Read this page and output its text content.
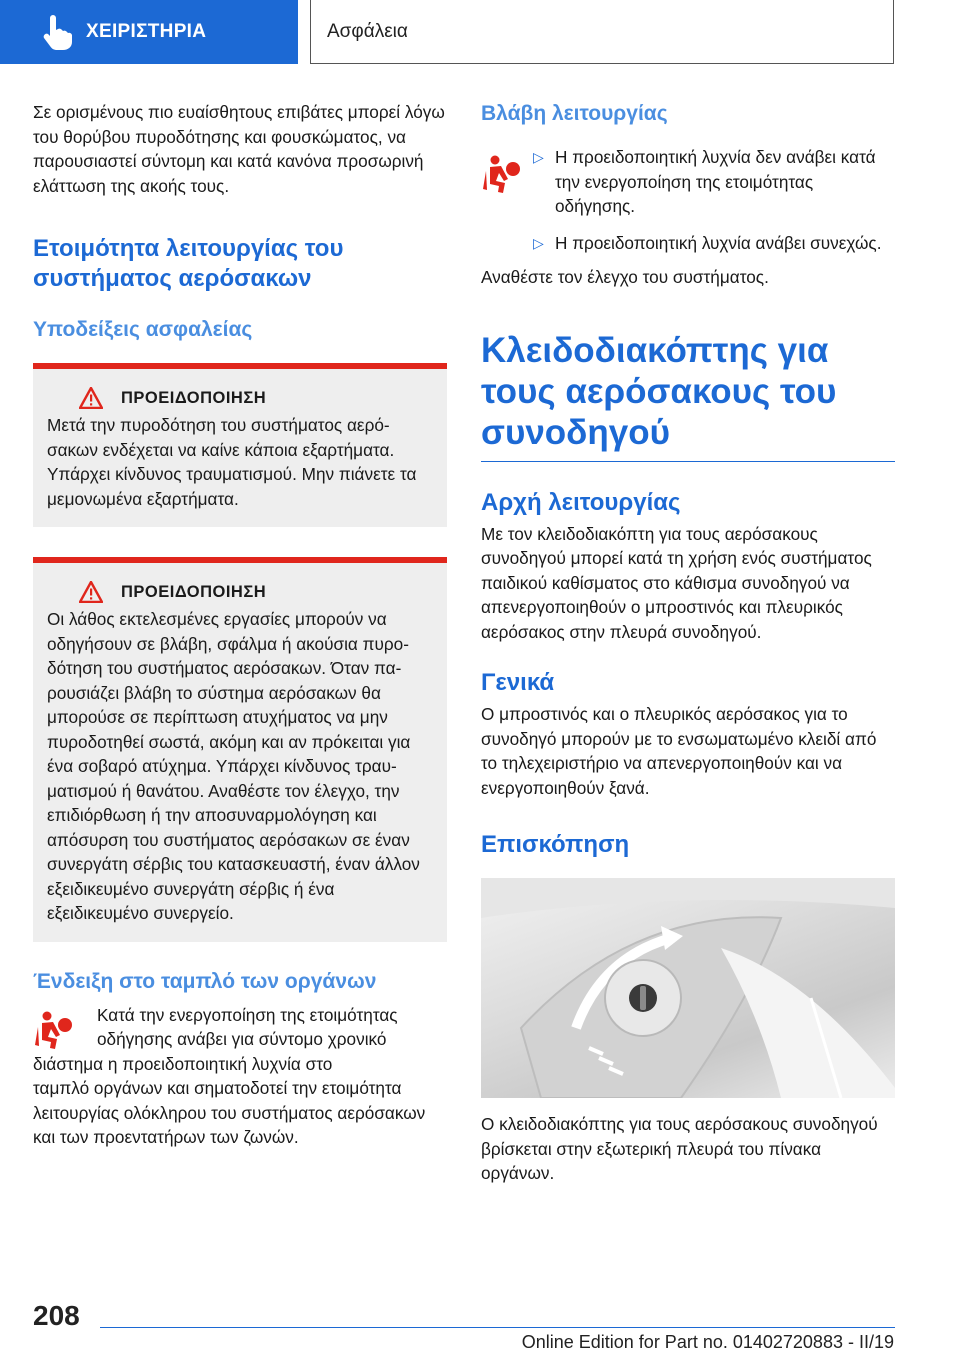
ΧΕΙΡΙΣΤΗΡΙΑ	Ασφάλεια

Σε ορισμένους πιο ευαίσθητους επιβάτες μπορεί λόγω του θορύβου πυροδότησης και φουσκώματος, να παρουσιαστεί σύντομη και κατά κανόνα προσωρινή ελάττωση της ακοής τους.

Ετοιμότητα λειτουργίας του συστήματος αερόσακων
Υποδείξεις ασφαλείας
ΠΡΟΕΙΔΟΠΟΙΗΣΗ

Μετά την πυροδότηση του συστήματος αερόσακων ενδέχεται να καίνε κάποια εξαρτήματα. Υπάρχει κίνδυνος τραυματισμού. Μην πιάνετε τα μεμονωμένα εξαρτήματα.

ΠΡΟΕΙΔΟΠΟΙΗΣΗ

Οι λάθος εκτελεσμένες εργασίες μπορούν να οδηγήσουν σε βλάβη, σφάλμα ή ακούσια πυροδότηση του συστήματος αερόσακων. Όταν παρουσιάζει βλάβη το σύστημα αερόσακων θα μπορούσε σε περίπτωση ατυχήματος να μην πυροδοτηθεί σωστά, ακόμη και αν πρόκειται για ένα σοβαρό ατύχημα. Υπάρχει κίνδυνος τραυματισμού ή θανάτου. Αναθέστε τον έλεγχο, την επιδιόρθωση ή την αποσυναρμολόγηση και απόσυρση του συστήματος αερόσακων σε έναν συνεργάτη σέρβις του κατασκευαστή, έναν άλλον εξειδικευμένο συνεργάτη σέρβις ή ένα εξειδικευμένο συνεργείο.

Ένδειξη στο ταμπλό των οργάνων

Κατά την ενεργοποίηση της ετοιμότητας οδήγησης ανάβει για σύντομο χρονικό διάστημα η προειδοποιητική λυχνία στο

ταμπλό οργάνων και σηματοδοτεί την ετοιμότητα λειτουργίας ολόκληρου του συστήματος αερόσακων και των προεντατήρων των ζωνών.

Βλάβη λειτουργίας
▷ Η προειδοποιητική λυχνία δεν ανάβει κατά την ενεργοποίηση της ετοιμότητας οδήγησης.

▷ Η προειδοποιητική λυχνία ανάβει συνεχώς.

Αναθέστε τον έλεγχο του συστήματος.

Κλειδοδιακόπτης για τους αερόσακους του συνοδηγού
Αρχή λειτουργίας

Με τον κλειδοδιακόπτη για τους αερόσακους συνοδηγού μπορεί κατά τη χρήση ενός συστήματος παιδικού καθίσματος στο κάθισμα συνοδηγού να απενεργοποιηθούν ο μπροστινός και πλευρικός αερόσακος στην πλευρά συνοδηγού.

Γενικά

Ο μπροστινός και ο πλευρικός αερόσακος για το συνοδηγό μπορούν με το ενσωματωμένο κλειδί από το τηλεχειριστήριο να απενεργοποιηθούν και να ενεργοποιηθούν ξανά.

Επισκόπηση

Ο κλειδοδιακόπτης για τους αερόσακους συνοδηγού βρίσκεται στην εξωτερική πλευρά του πίνακα οργάνων.

208
Online Edition for Part no. 01402720883 - II/19
